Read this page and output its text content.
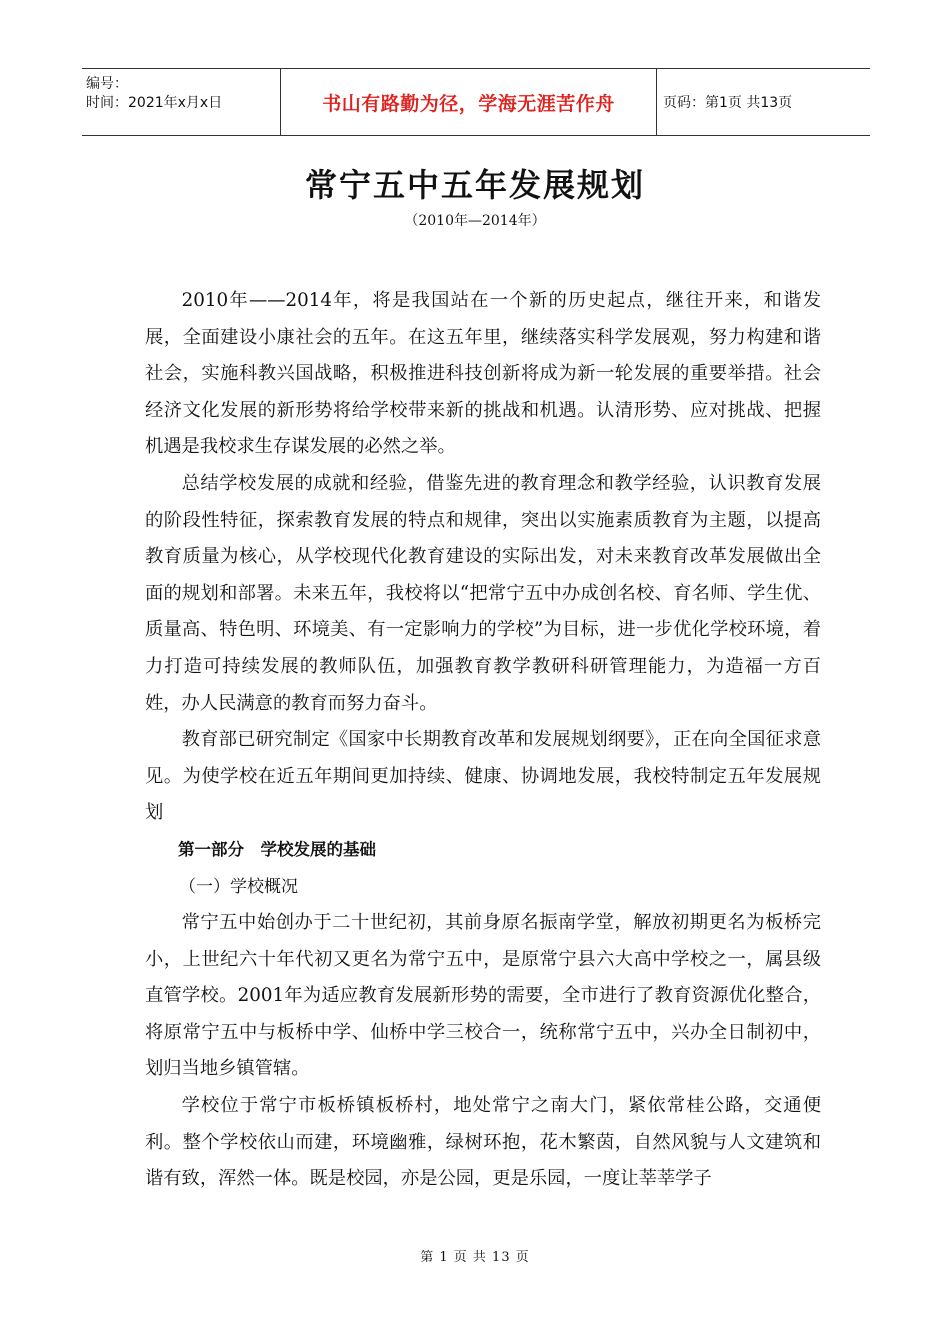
编号：
时间：2021年x月x日	书山有路勤为径，学海无涯苦作舟	页码：第1页 共13页
常宁五中五年发展规划
（2010年—2014年）

2010年——2014年，将是我国站在一个新的历史起点，继往开来，和谐发展，全面建设小康社会的五年。在这五年里，继续落实科学发展观，努力构建和谐社会，实施科教兴国战略，积极推进科技创新将成为新一轮发展的重要举措。社会经济文化发展的新形势将给学校带来新的挑战和机遇。认清形势、应对挑战、把握机遇是我校求生存谋发展的必然之举。

总结学校发展的成就和经验，借鉴先进的教育理念和教学经验，认识教育发展的阶段性特征，探索教育发展的特点和规律，突出以实施素质教育为主题，以提高教育质量为核心，从学校现代化教育建设的实际出发，对未来教育改革发展做出全面的规划和部署。未来五年，我校将以“把常宁五中办成创名校、育名师、学生优、质量高、特色明、环境美、有一定影响力的学校”为目标，进一步优化学校环境，着力打造可持续发展的教师队伍，加强教育教学教研科研管理能力，为造福一方百姓，办人民满意的教育而努力奋斗。

教育部已研究制定《国家中长期教育改革和发展规划纲要》，正在向全国征求意见。为使学校在近五年期间更加持续、健康、协调地发展，我校特制定五年发展规划

第一部分　学校发展的基础

（一）学校概况

常宁五中始创办于二十世纪初，其前身原名振南学堂，解放初期更名为板桥完小，上世纪六十年代初又更名为常宁五中，是原常宁县六大高中学校之一，属县级直管学校。2001年为适应教育发展新形势的需要，全市进行了教育资源优化整合，将原常宁五中与板桥中学、仙桥中学三校合一，统称常宁五中，兴办全日制初中，划归当地乡镇管辖。

学校位于常宁市板桥镇板桥村，地处常宁之南大门，紧依常桂公路，交通便利。整个学校依山而建，环境幽雅，绿树环抱，花木繁茵，自然风貌与人文建筑和谐有致，浑然一体。既是校园，亦是公园，更是乐园，一度让莘莘学子

第 1 页 共 13 页
